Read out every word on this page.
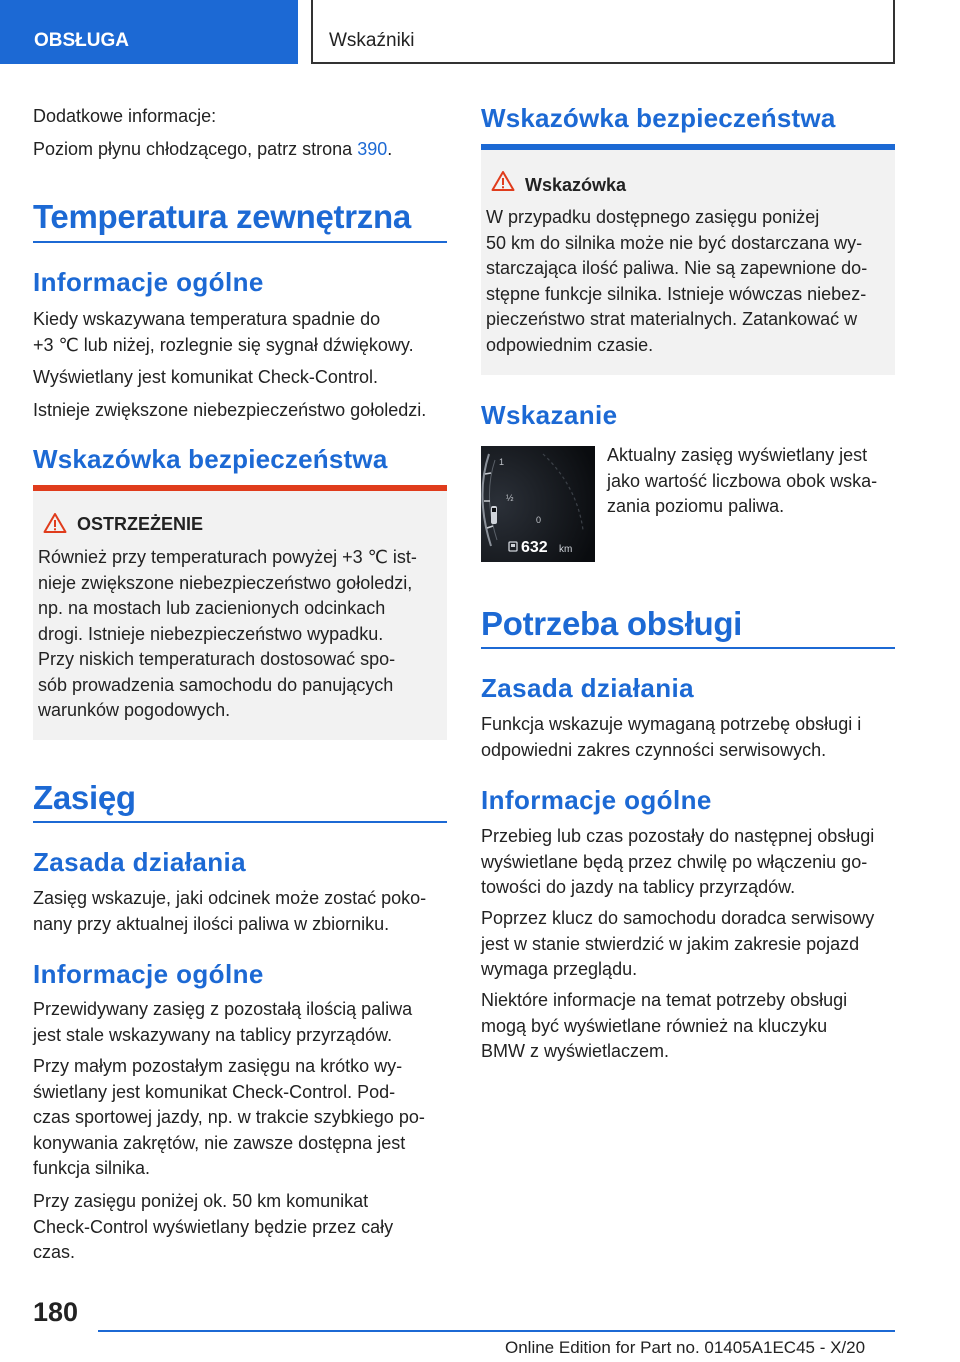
OBSŁUGA	Wskaźniki

Dodatkowe informacje:

Poziom płynu chłodzącego, patrz strona 390.

Temperatura zewnętrzna
Informacje ogólne

Kiedy wskazywana temperatura spadnie do
+3 ℃ lub niżej, rozlegnie się sygnał dźwiękowy.

Wyświetlany jest komunikat Check-Control.

Istnieje zwiększone niebezpieczeństwo gołoledzi.

Wskazówka bezpieczeństwa
OSTRZEŻENIE

Również przy temperaturach powyżej +3 ℃ ist-

nieje zwiększone niebezpieczeństwo gołoledzi,

np. na mostach lub zacienionych odcinkach

drogi. Istnieje niebezpieczeństwo wypadku.

Przy niskich temperaturach dostosować spo-

sób prowadzenia samochodu do panujących

warunków pogodowych.

Zasięg
Zasada działania

Zasięg wskazuje, jaki odcinek może zostać poko-

nany przy aktualnej ilości paliwa w zbiorniku.

Informacje ogólne

Przewidywany zasięg z pozostałą ilością paliwa

jest stale wskazywany na tablicy przyrządów.

Przy małym pozostałym zasięgu na krótko wy-

świetlany jest komunikat Check-Control. Pod-

czas sportowej jazdy, np. w trakcie szybkiego po-

konywania zakrętów, nie zawsze dostępna jest

funkcja silnika.

Przy zasięgu poniżej ok. 50 km komunikat

Check-Control wyświetlany będzie przez cały

czas.

Wskazówka bezpieczeństwa
Wskazówka

W przypadku dostępnego zasięgu poniżej

50 km do silnika może nie być dostarczana wy-

starczająca ilość paliwa. Nie są zapewnione do-

stępne funkcje silnika. Istnieje wówczas niebez-

pieczeństwo strat materialnych. Zatankować w

odpowiednim czasie.

Wskazanie

Aktualny zasięg wyświetlany jest

jako wartość liczbowa obok wska-

zania poziomu paliwa.

Potrzeba obsługi
Zasada działania

Funkcja wskazuje wymaganą potrzebę obsługi i

odpowiedni zakres czynności serwisowych.

Informacje ogólne

Przebieg lub czas pozostały do następnej obsługi

wyświetlane będą przez chwilę po włączeniu go-

towości do jazdy na tablicy przyrządów.

Poprzez klucz do samochodu doradca serwisowy

jest w stanie stwierdzić w jakim zakresie pojazd

wymaga przeglądu.

Niektóre informacje na temat potrzeby obsługi

mogą być wyświetlane również na kluczyku

BMW z wyświetlaczem.

1
½
0
632 km
180
Online Edition for Part no. 01405A1EC45 - X/20
